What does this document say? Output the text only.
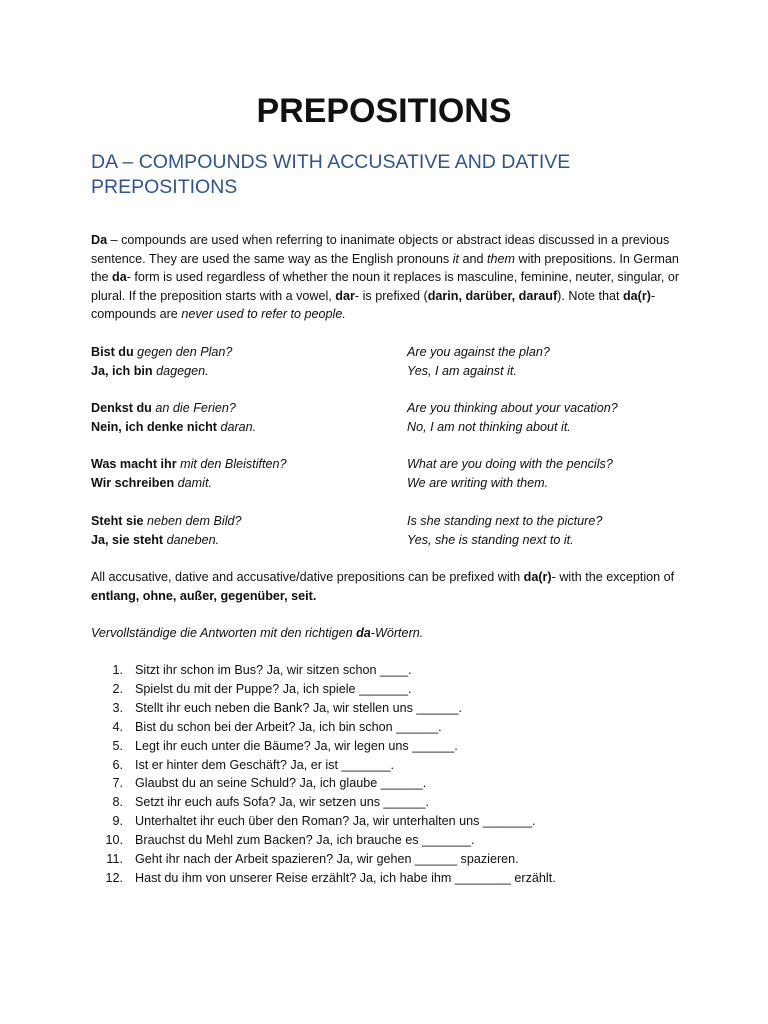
PREPOSITIONS
DA – COMPOUNDS WITH ACCUSATIVE AND DATIVE PREPOSITIONS

Da – compounds are used when referring to inanimate objects or abstract ideas discussed in a previous sentence. They are used the same way as the English pronouns it and them with prepositions. In German the da- form is used regardless of whether the noun it replaces is masculine, feminine, neuter, singular, or plural. If the preposition starts with a vowel, dar- is prefixed (darin, darüber, darauf). Note that da(r)- compounds are never used to refer to people.

Bist du gegen den Plan?
Ja, ich bin dagegen.
Are you against the plan?
Yes, I am against it.
Denkst du an die Ferien?
Nein, ich denke nicht daran.
Are you thinking about your vacation?
No, I am not thinking about it.
Was macht ihr mit den Bleistiften?
Wir schreiben damit.
What are you doing with the pencils?
We are writing with them.
Steht sie neben dem Bild?
Ja, sie steht daneben.
Is she standing next to the picture?
Yes, she is standing next to it.

All accusative, dative and accusative/dative prepositions can be prefixed with da(r)- with the exception of entlang, ohne, außer, gegenüber, seit.

Vervollständige die Antworten mit den richtigen da-Wörtern.

1. Sitzt ihr schon im Bus? Ja, wir sitzen schon ____.
2. Spielst du mit der Puppe? Ja, ich spiele _______.
3. Stellt ihr euch neben die Bank? Ja, wir stellen uns ______.
4. Bist du schon bei der Arbeit? Ja, ich bin schon ______.
5. Legt ihr euch unter die Bäume? Ja, wir legen uns ______.
6. Ist er hinter dem Geschäft? Ja, er ist _______.
7. Glaubst du an seine Schuld? Ja, ich glaube ______.
8. Setzt ihr euch aufs Sofa? Ja, wir setzen uns ______.
9. Unterhaltet ihr euch über den Roman? Ja, wir unterhalten uns _______.
10. Brauchst du Mehl zum Backen? Ja, ich brauche es _______.
11. Geht ihr nach der Arbeit spazieren? Ja, wir gehen ______ spazieren.
12. Hast du ihm von unserer Reise erzählt? Ja, ich habe ihm ________ erzählt.
